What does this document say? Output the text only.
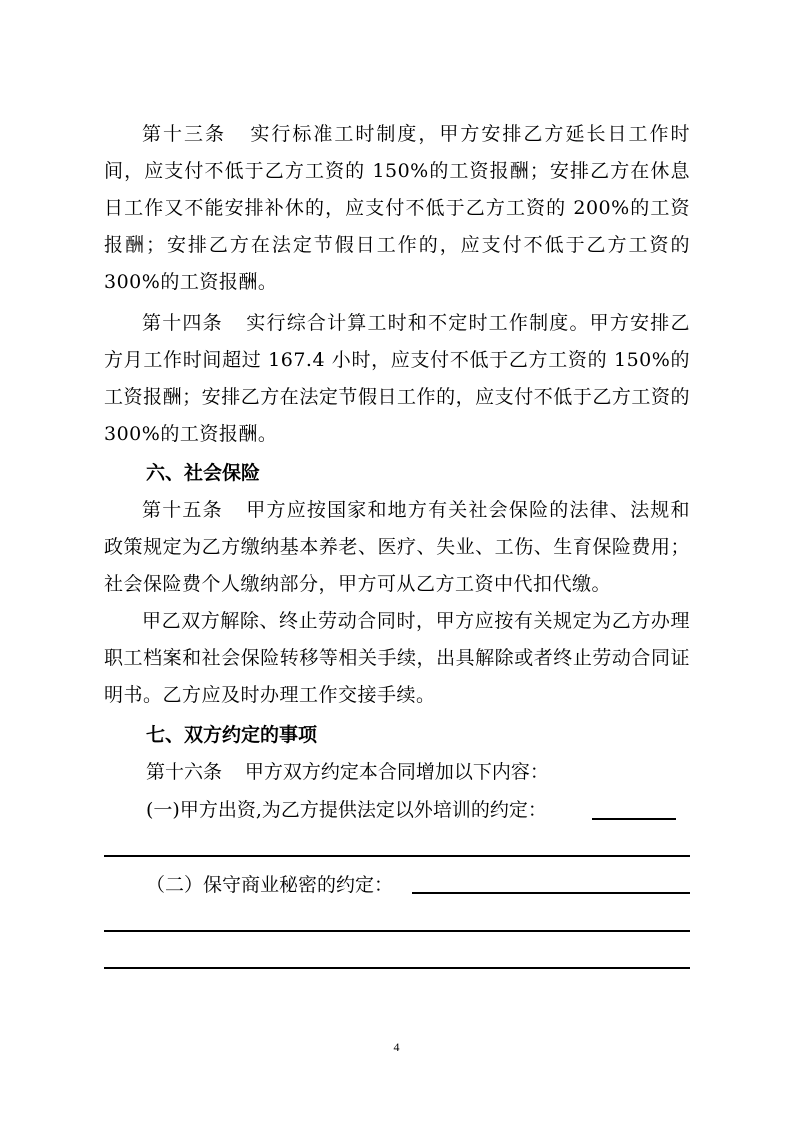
第十三条 实行标准工时制度，甲方安排乙方延长日工作时间，应支付不低于乙方工资的 150%的工资报酬；安排乙方在休息日工作又不能安排补休的，应支付不低于乙方工资的 200%的工资报酬；安排乙方在法定节假日工作的，应支付不低于乙方工资的 300%的工资报酬。

第十四条 实行综合计算工时和不定时工作制度。甲方安排乙方月工作时间超过 167.4 小时，应支付不低于乙方工资的 150%的工资报酬；安排乙方在法定节假日工作的，应支付不低于乙方工资的 300%的工资报酬。

六、社会保险

第十五条 甲方应按国家和地方有关社会保险的法律、法规和政策规定为乙方缴纳基本养老、医疗、失业、工伤、生育保险费用；社会保险费个人缴纳部分，甲方可从乙方工资中代扣代缴。

甲乙双方解除、终止劳动合同时，甲方应按有关规定为乙方办理职工档案和社会保险转移等相关手续，出具解除或者终止劳动合同证明书。乙方应及时办理工作交接手续。

七、双方约定的事项

第十六条 甲方双方约定本合同增加以下内容：

(一)甲方出资,为乙方提供法定以外培训的约定：

（二）保守商业秘密的约定：

4
